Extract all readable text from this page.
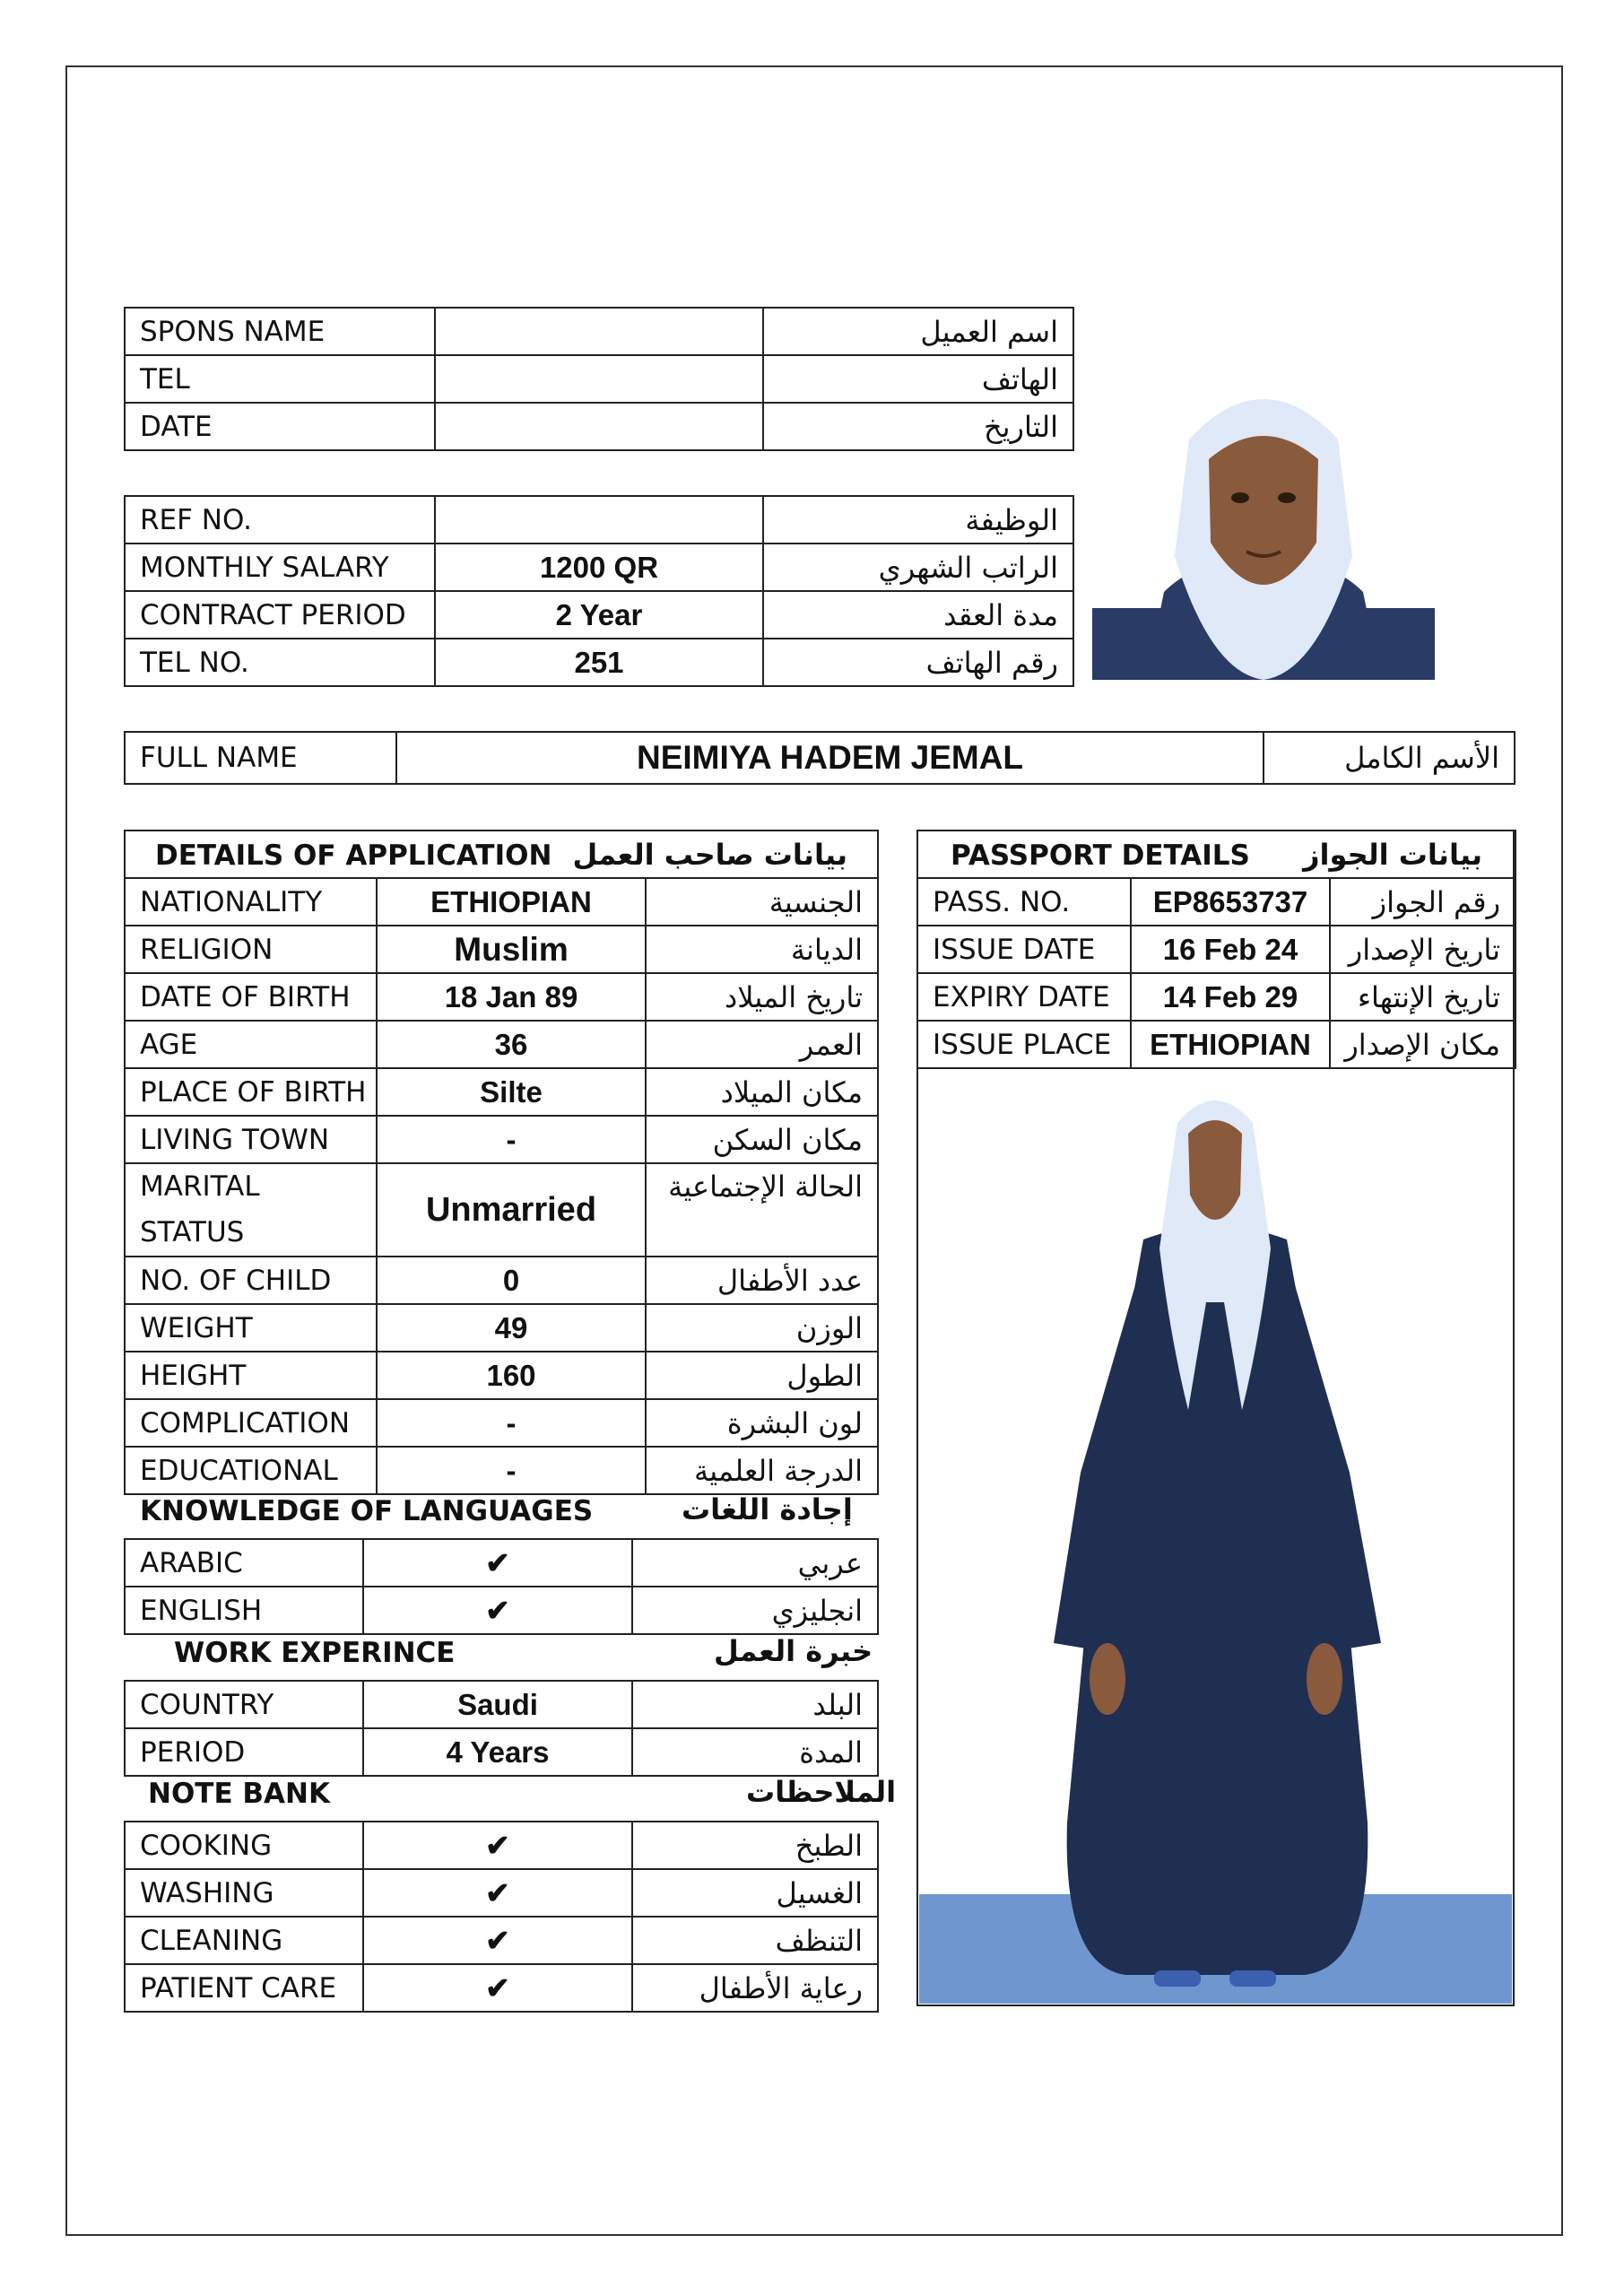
SPONS NAME		اسم العميل
TEL		الهاتف
DATE		التاريخ
REF NO.		الوظيفة
MONTHLY SALARY	1200 QR	الراتب الشهري
CONTRACT PERIOD	2 Year	مدة العقد
TEL NO.	251	رقم الهاتف
FULL NAME	NEIMIYA HADEM JEMAL	الأسم الكامل
DETAILS OF APPLICATION بيانات صاحب العمل		

NATIONALITY	ETHIOPIAN	الجنسية
RELIGION	Muslim	الديانة
DATE OF BIRTH	18 Jan 89	تاريخ الميلاد
AGE	36	العمر
PLACE OF BIRTH	Silte	مكان الميلاد
LIVING TOWN	-	مكان السكن

MARITAL STATUS	Unmarried	الحالة الإجتماعية
NO. OF CHILD	0	عدد الأطفال
WEIGHT	49	الوزن
HEIGHT	160	الطول
COMPLICATION	-	لون البشرة
EDUCATIONAL	-	الدرجة العلمية
KNOWLEDGE OF LANGUAGES	إجادة اللغات
ARABIC	✔	عربي
ENGLISH	✔	انجليزي
WORK EXPERINCE	خبرة العمل
COUNTRY	Saudi	البلد
PERIOD	4 Years	المدة
NOTE BANK	الملاحظات
COOKING	✔	الطبخ
WASHING	✔	الغسيل
CLEANING	✔	التنظف
PATIENT CARE	✔	رعاية الأطفال
PASSPORT DETAILS بيانات الجواز		

PASS. NO.	EP8653737	رقم الجواز
ISSUE DATE	16 Feb 24	تاريخ الإصدار
EXPIRY DATE	14 Feb 29	تاريخ الإنتهاء
ISSUE PLACE	ETHIOPIAN	مكان الإصدار
